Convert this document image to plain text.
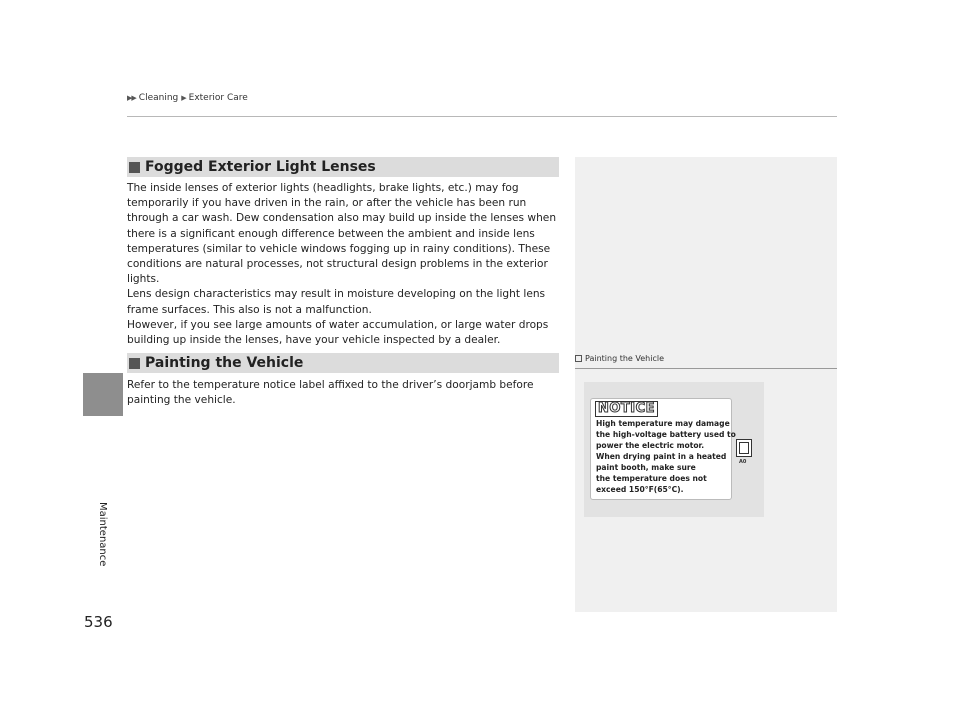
▶▶ Cleaning ▶ Exterior Care
Maintenance
536
Fogged Exterior Light Lenses

The inside lenses of exterior lights (headlights, brake lights, etc.) may fog temporarily if you have driven in the rain, or after the vehicle has been run through a car wash. Dew condensation also may build up inside the lenses when there is a significant enough difference between the ambient and inside lens temperatures (similar to vehicle windows fogging up in rainy conditions). These conditions are natural processes, not structural design problems in the exterior lights.

Lens design characteristics may result in moisture developing on the light lens frame surfaces. This also is not a malfunction.

However, if you see large amounts of water accumulation, or large water drops building up inside the lenses, have your vehicle inspected by a dealer.

Painting the Vehicle

Refer to the temperature notice label affixed to the driver’s doorjamb before painting the vehicle.

Painting the Vehicle
NOTICE
High temperature may damage
the high-voltage battery used to
power the electric motor.
When drying paint in a heated
paint booth, make sure
the temperature does not
exceed 150°F(65°C).
A0
